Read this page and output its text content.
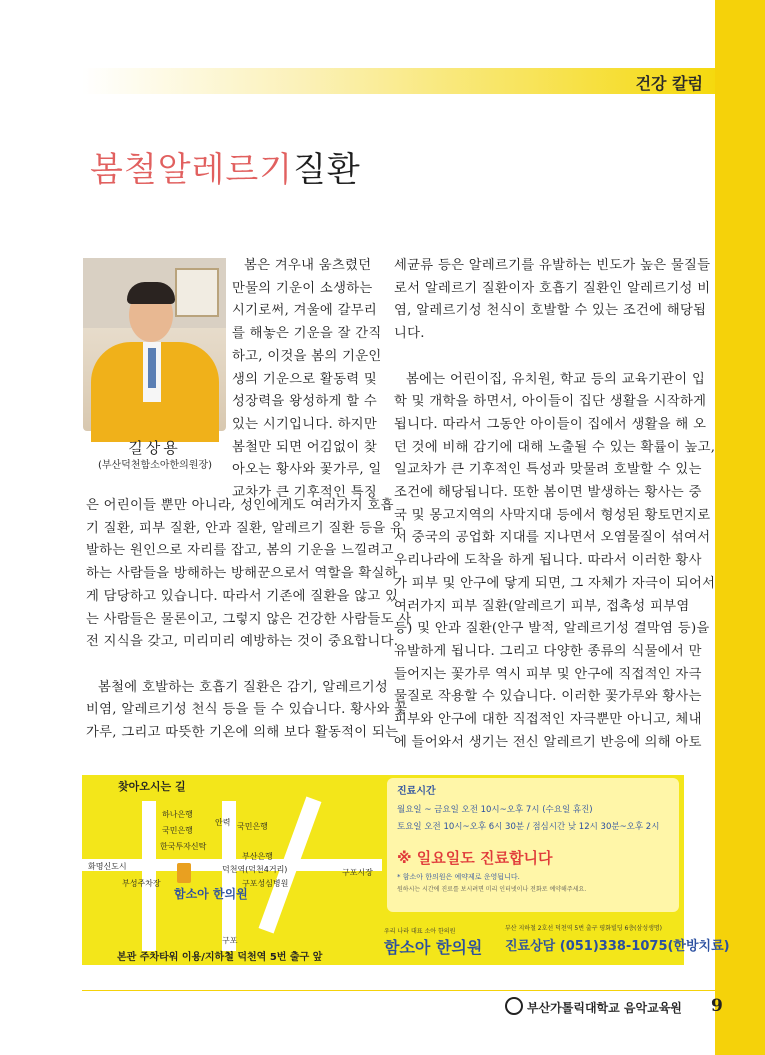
건강 칼럼
봄철알레르기질환
길상용
(부산덕천함소아한의원장)
봄은 겨우내 움츠렸던
만물의 기운이 소생하는
시기로써, 겨울에 갈무리
를 해놓은 기운을 잘 간직
하고, 이것을 봄의 기운인
생의 기운으로 활동력 및
성장력을 왕성하게 할 수
있는 시기입니다. 하지만
봄철만 되면 어김없이 찾
아오는 황사와 꽃가루, 일
교차가 큰 기후적인 특징
은 어린이들 뿐만 아니라, 성인에게도 여러가지 호흡
기 질환, 피부 질환, 안과 질환, 알레르기 질환 등을 유
발하는 원인으로 자리를 잡고, 봄의 기운을 느낄려고
하는 사람들을 방해하는 방해꾼으로서 역할을 확실하
게 담당하고 있습니다. 따라서 기존에 질환을 않고 있
는 사람들은 물론이고, 그렇지 않은 건강한 사람들도 사
전 지식을 갖고, 미리미리 예방하는 것이 중요합니다.
봄철에 호발하는 호흡기 질환은 감기, 알레르기성
비염, 알레르기성 천식 등을 들 수 있습니다. 황사와 꽃
가루, 그리고 따뜻한 기온에 의해 보다 활동적이 되는
세균류 등은 알레르기를 유발하는 빈도가 높은 물질들
로서 알레르기 질환이자 호흡기 질환인 알레르기성 비
염, 알레르기성 천식이 호발할 수 있는 조건에 해당됩
니다.
봄에는 어린이집, 유치원, 학교 등의 교육기관이 입
학 및 개학을 하면서, 아이들이 집단 생활을 시작하게
됩니다. 따라서 그동안 아이들이 집에서 생활을 해 오
던 것에 비해 감기에 대해 노출될 수 있는 확률이 높고,
일교차가 큰 기후적인 특성과 맞물려 호발할 수 있는
조건에 해당됩니다. 또한 봄이면 발생하는 황사는 중
국 및 몽고지역의 사막지대 등에서 형성된 황토먼지로
서 중국의 공업화 지대를 지나면서 오염물질이 섞여서
우리나라에 도착을 하게 됩니다. 따라서 이러한 황사
가 피부 및 안구에 닿게 되면, 그 자체가 자극이 되어서
여러가지 피부 질환(알레르기 피부, 접촉성 피부염
등) 및 안과 질환(안구 발적, 알레르기성 결막염 등)을
유발하게 됩니다. 그리고 다양한 종류의 식물에서 만
들어지는 꽃가루 역시 피부 및 안구에 직접적인 자극
물질로 작용할 수 있습니다. 이러한 꽃가루와 황사는
피부와 안구에 대한 직접적인 자극뿐만 아니고, 체내
에 들어와서 생기는 전신 알레르기 반응에 의해 아토
찾아오시는 길
하나은행
국민은행
한국투자신탁
안력 국민은행
부산은행
덕천역(덕천4거리)
구포성심병원
화명신도시
부성주차장
구포시장
구포
함소아 한의원
진료시간
월요일 ~ 금요일 오전 10시~오후 7시 (수요일 휴진)
토요일 오전 10시~오후 6시 30분 / 점심시간 낮 12시 30분~오후 2시
※ 일요일도 진료합니다
* 함소아 한의원은 예약제로 운영됩니다.
원하시는 시간에 진료를 보시려면 미리 인터넷이나 전화로 예약해주세요.
우리 나라 대표 소아 한의원
함소아 한의원
부산 지하철 2호선 덕천역 5번 출구 평화빌딩 6층(삼성생명)
진료상담 (051)338-1075(한방치료)
본관 주차타워 이용/지하철 덕천역 5번 출구 앞
부산가톨릭대학교 음악교육원 9
